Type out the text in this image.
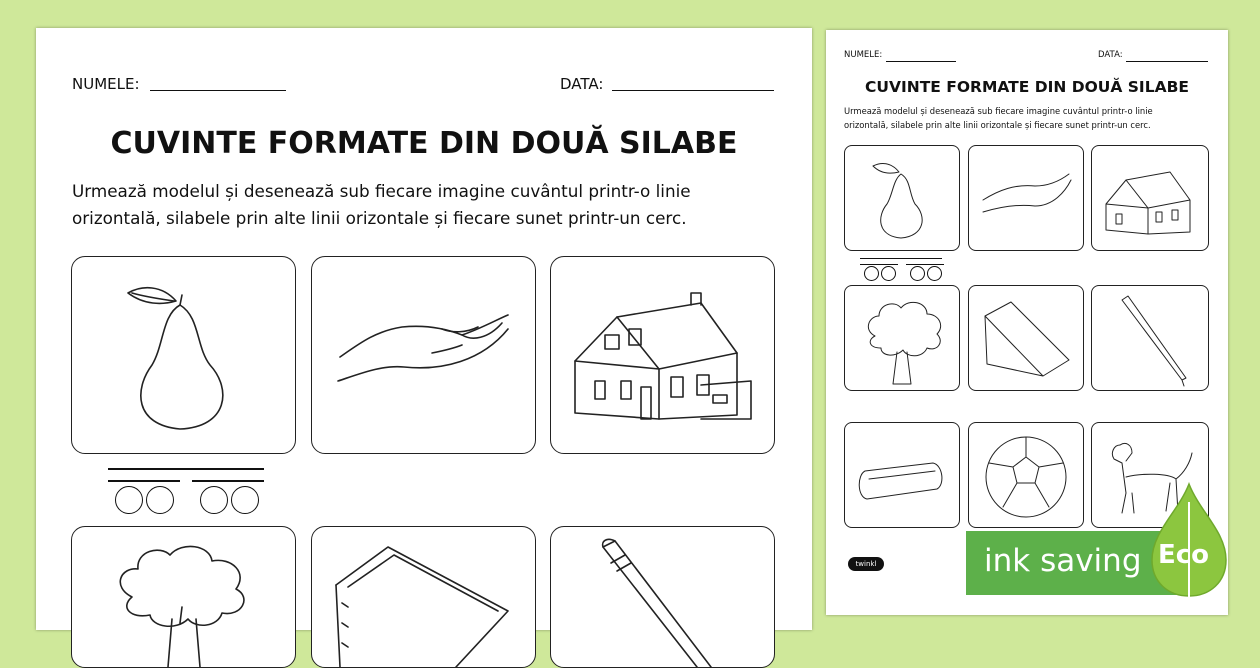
NUMELE:	DATA:
CUVINTE FORMATE DIN DOUĂ SILABE
Urmează modelul și desenează sub fiecare imagine cuvântul printr-o linie
orizontală, silabele prin alte linii orizontale și fiecare sunet printr-un cerc.
NUMELE:	DATA:
CUVINTE FORMATE DIN DOUĂ SILABE
Urmează modelul și desenează sub fiecare imagine cuvântul printr-o linie
orizontală, silabele prin alte linii orizontale și fiecare sunet printr-un cerc.
twinkl	ink saving Eco
